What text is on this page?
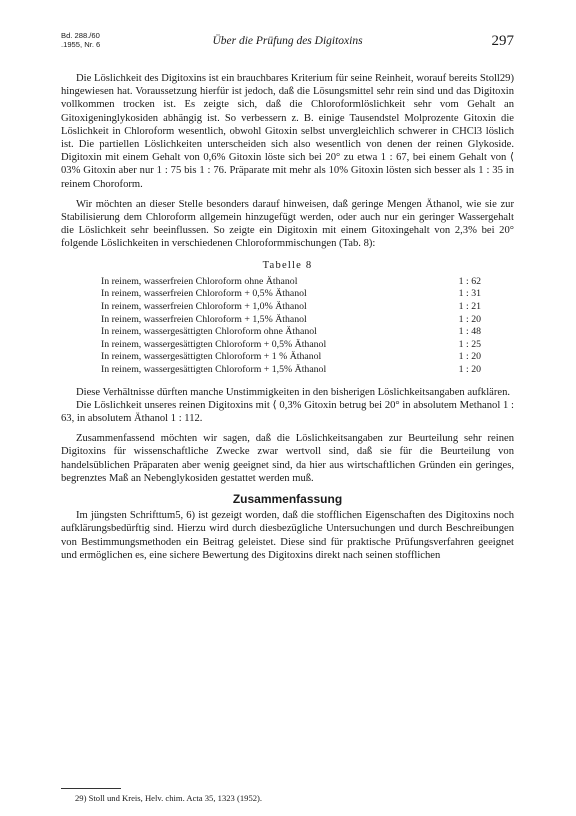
Bd. 288./60
.1955, Nr. 6	Über die Prüfung des Digitoxins	297

Die Löslichkeit des Digitoxins ist ein brauchbares Kriterium für seine Reinheit, worauf bereits Stoll29) hingewiesen hat. Voraussetzung hierfür ist jedoch, daß die Lösungsmittel sehr rein sind und das Digitoxin vollkommen trocken ist. Es zeigte sich, daß die Chloroformlöslichkeit sehr vom Gehalt an Gitoxigeninglykosiden abhängig ist. So verbessern z. B. einige Tausendstel Molprozente Gitoxin die Löslichkeit in Chloroform wesentlich, obwohl Gitoxin selbst unvergleichlich schwerer in CHCl3 löslich ist. Die partiellen Löslichkeiten unterscheiden sich also wesentlich von denen der reinen Glykoside. Digitoxin mit einem Gehalt von 0,6% Gitoxin löste sich bei 20° zu etwa 1 : 67, bei einem Gehalt von ⟨ 03% Gitoxin aber nur 1 : 75 bis 1 : 76. Präparate mit mehr als 10% Gitoxin lösten sich besser als 1 : 35 in reinem Choroform.

Wir möchten an dieser Stelle besonders darauf hinweisen, daß geringe Mengen Äthanol, wie sie zur Stabilisierung dem Chloroform allgemein hinzugefügt werden, oder auch nur ein geringer Wassergehalt die Löslichkeit sehr beeinflussen. So zeigte ein Digitoxin mit einem Gitoxingehalt von 2,3% bei 20° folgende Löslichkeiten in verschiedenen Chloroformmischungen (Tab. 8):

Tabelle 8
In reinem, wasserfreien Chloroform ohne Äthanol	1 : 62
In reinem, wasserfreien Chloroform + 0,5% Äthanol	1 : 31
In reinem, wasserfreien Chloroform + 1,0% Äthanol	1 : 21
In reinem, wasserfreien Chloroform + 1,5% Äthanol	1 : 20
In reinem, wassergesättigten Chloroform ohne Äthanol	1 : 48
In reinem, wassergesättigten Chloroform + 0,5% Äthanol	1 : 25
In reinem, wassergesättigten Chloroform + 1 % Äthanol	1 : 20
In reinem, wassergesättigten Chloroform + 1,5% Äthanol	1 : 20

Diese Verhältnisse dürften manche Unstimmigkeiten in den bisherigen Löslichkeitsangaben aufklären.

Die Löslichkeit unseres reinen Digitoxins mit ⟨ 0,3% Gitoxin betrug bei 20° in absolutem Methanol 1 : 63, in absolutem Äthanol 1 : 112.

Zusammenfassend möchten wir sagen, daß die Löslichkeitsangaben zur Beurteilung sehr reinen Digitoxins für wissenschaftliche Zwecke zwar wertvoll sind, daß sie für die Beurteilung von handelsüblichen Präparaten aber wenig geeignet sind, da hier aus wirtschaftlichen Gründen ein geringes, begrenztes Maß an Nebenglykosiden gestattet werden muß.

Zusammenfassung

Im jüngsten Schrifttum5, 6) ist gezeigt worden, daß die stofflichen Eigenschaften des Digitoxins noch aufklärungsbedürftig sind. Hierzu wird durch diesbezügliche Untersuchungen und durch Beschreibungen von Bestimmungsmethoden ein Beitrag geleistet. Diese sind für praktische Prüfungsverfahren geeignet und ermöglichen es, eine sichere Bewertung des Digitoxins direkt nach seinen stofflichen

29) Stoll und Kreis, Helv. chim. Acta 35, 1323 (1952).
